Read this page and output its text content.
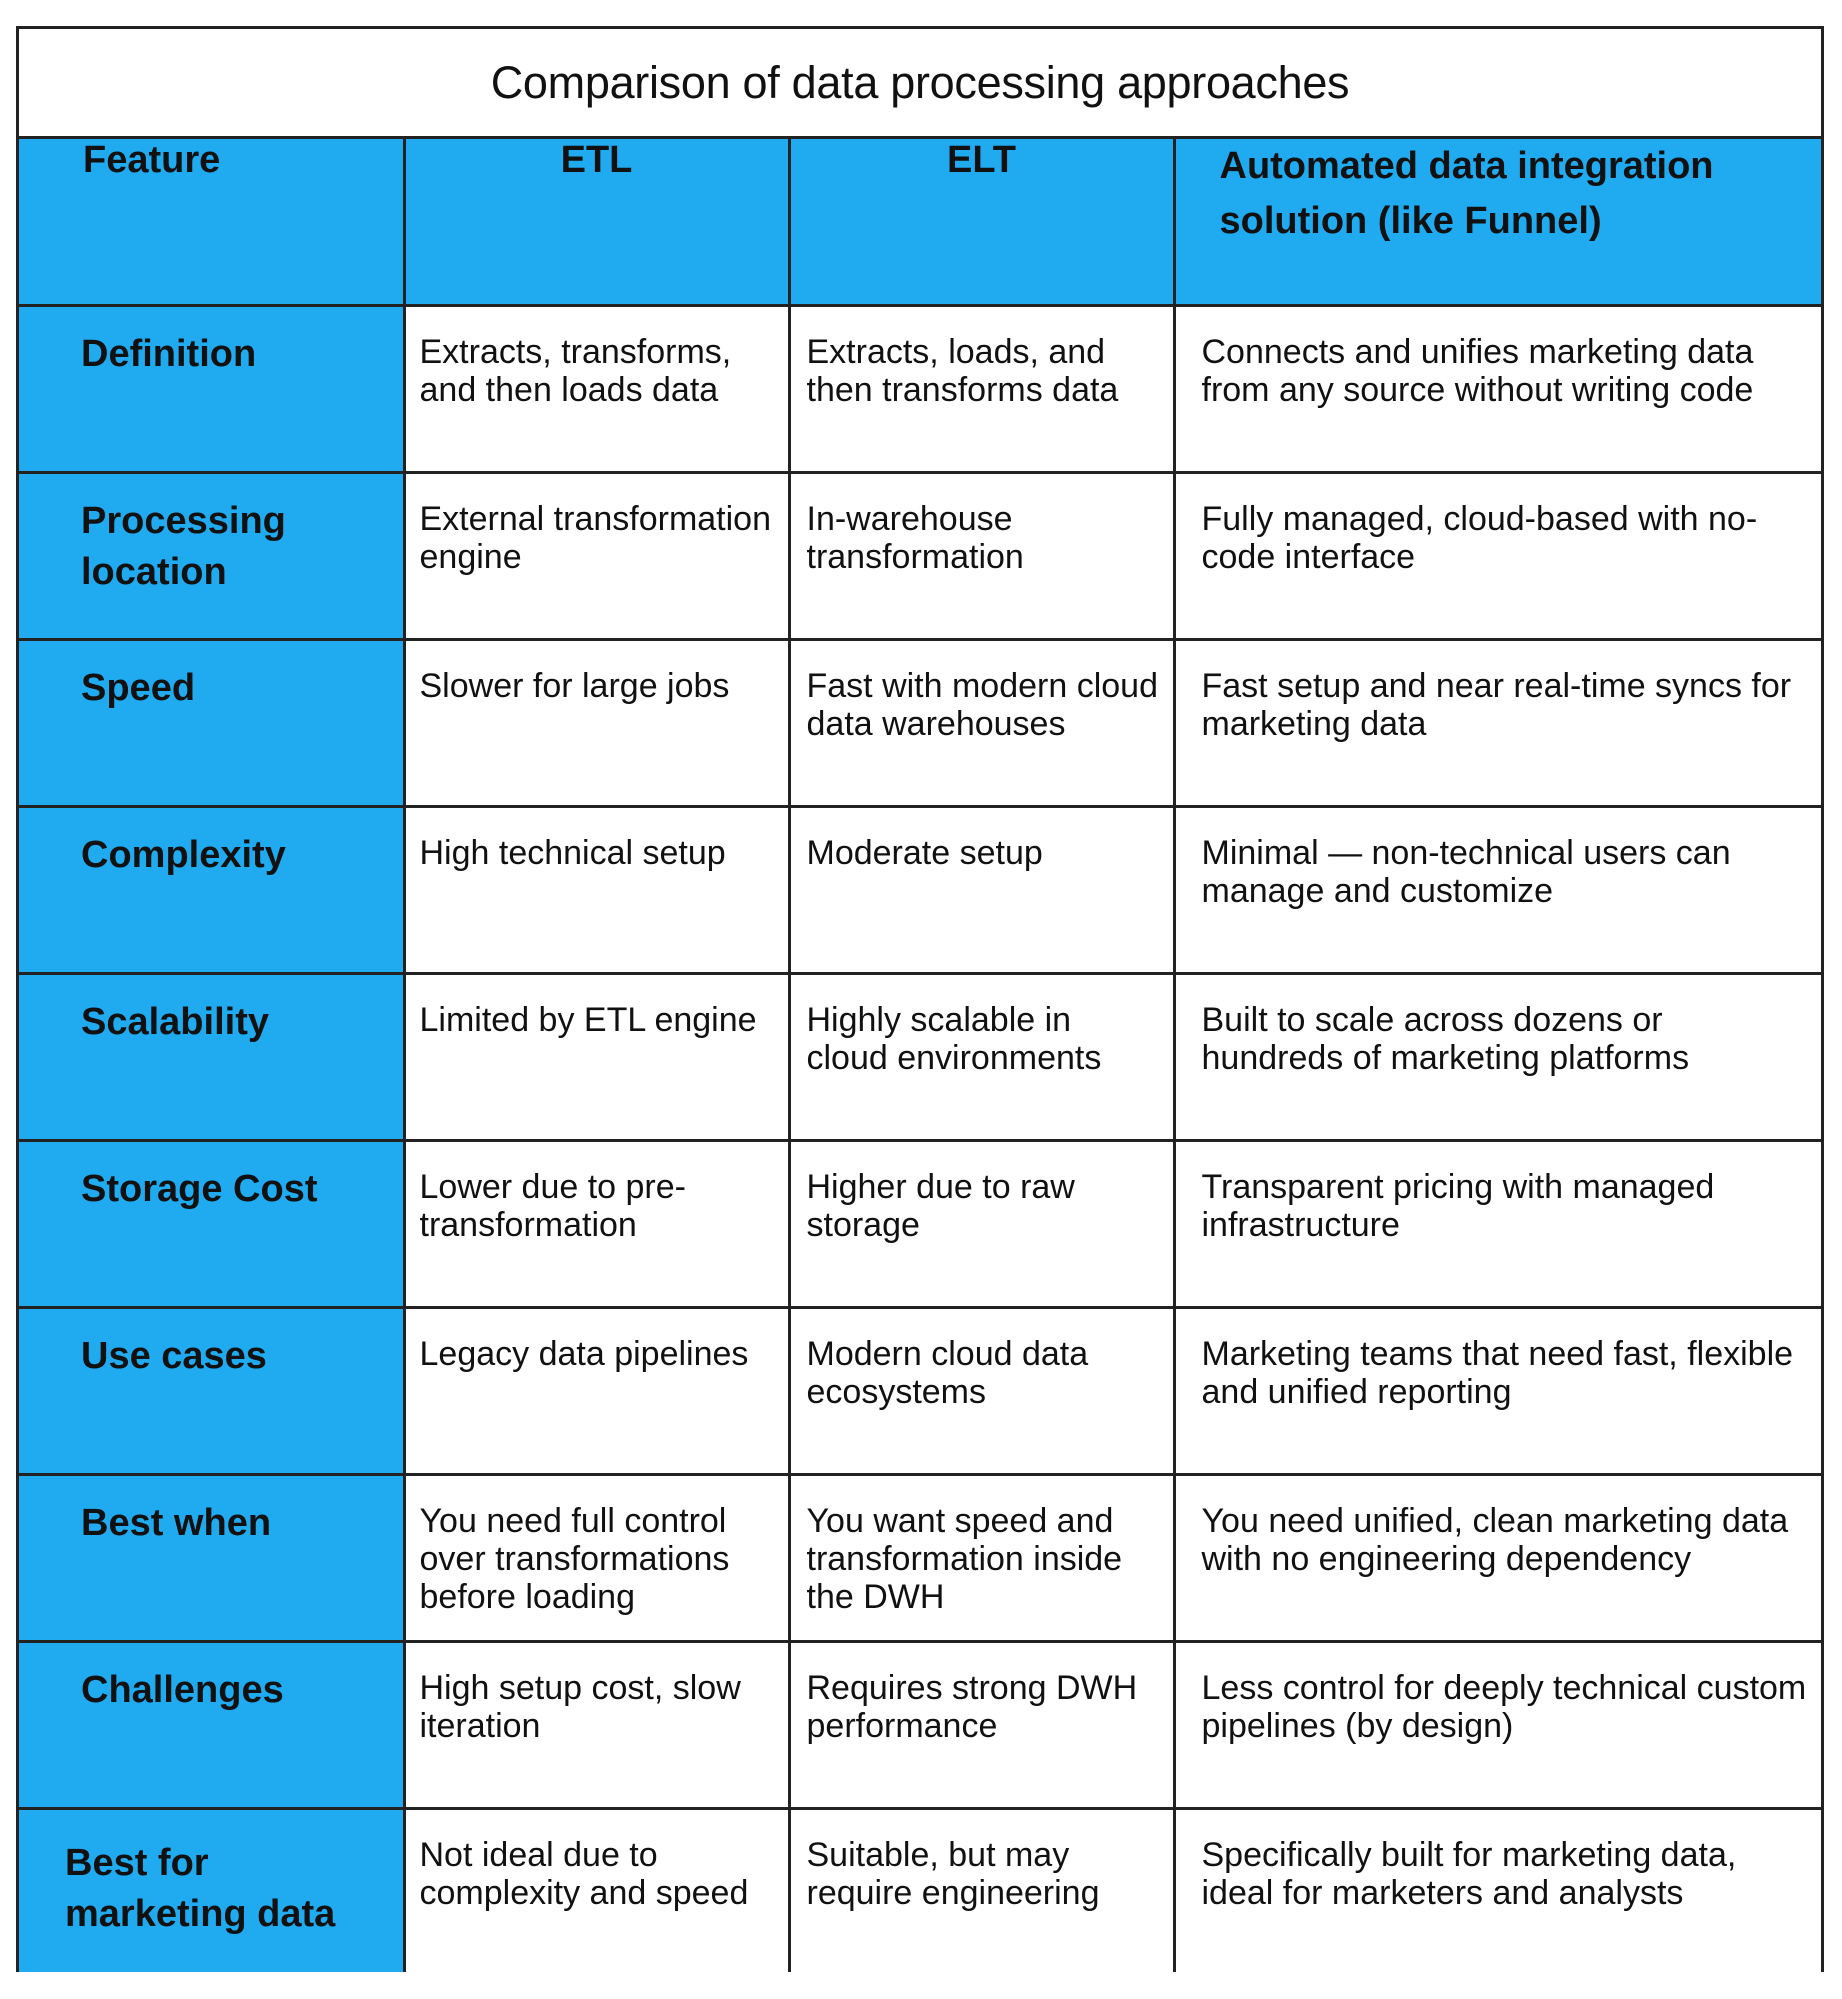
Comparison of data processing approaches
Feature	ETL	ELT	Automated data integration solution (like Funnel)
Definition	Extracts, transforms, and then loads data	Extracts, loads, and then transforms data	Connects and unifies marketing data from any source without writing code
Processing location	External transformation engine	In-warehouse transformation	Fully managed, cloud-based with no-code interface
Speed	Slower for large jobs	Fast with modern cloud data warehouses	Fast setup and near real-time syncs for marketing data
Complexity	High technical setup	Moderate setup	Minimal — non-technical users can manage and customize
Scalability	Limited by ETL engine	Highly scalable in cloud environments	Built to scale across dozens or hundreds of marketing platforms
Storage Cost	Lower due to pre-transformation	Higher due to raw storage	Transparent pricing with managed infrastructure
Use cases	Legacy data pipelines	Modern cloud data ecosystems	Marketing teams that need fast, flexible and unified reporting
Best when	You need full control over transformations before loading	You want speed and transformation inside the DWH	You need unified, clean marketing data with no engineering dependency
Challenges	High setup cost, slow iteration	Requires strong DWH performance	Less control for deeply technical custom pipelines (by design)
Best for marketing data	Not ideal due to complexity and speed	Suitable, but may require engineering	Specifically built for marketing data, ideal for marketers and analysts
